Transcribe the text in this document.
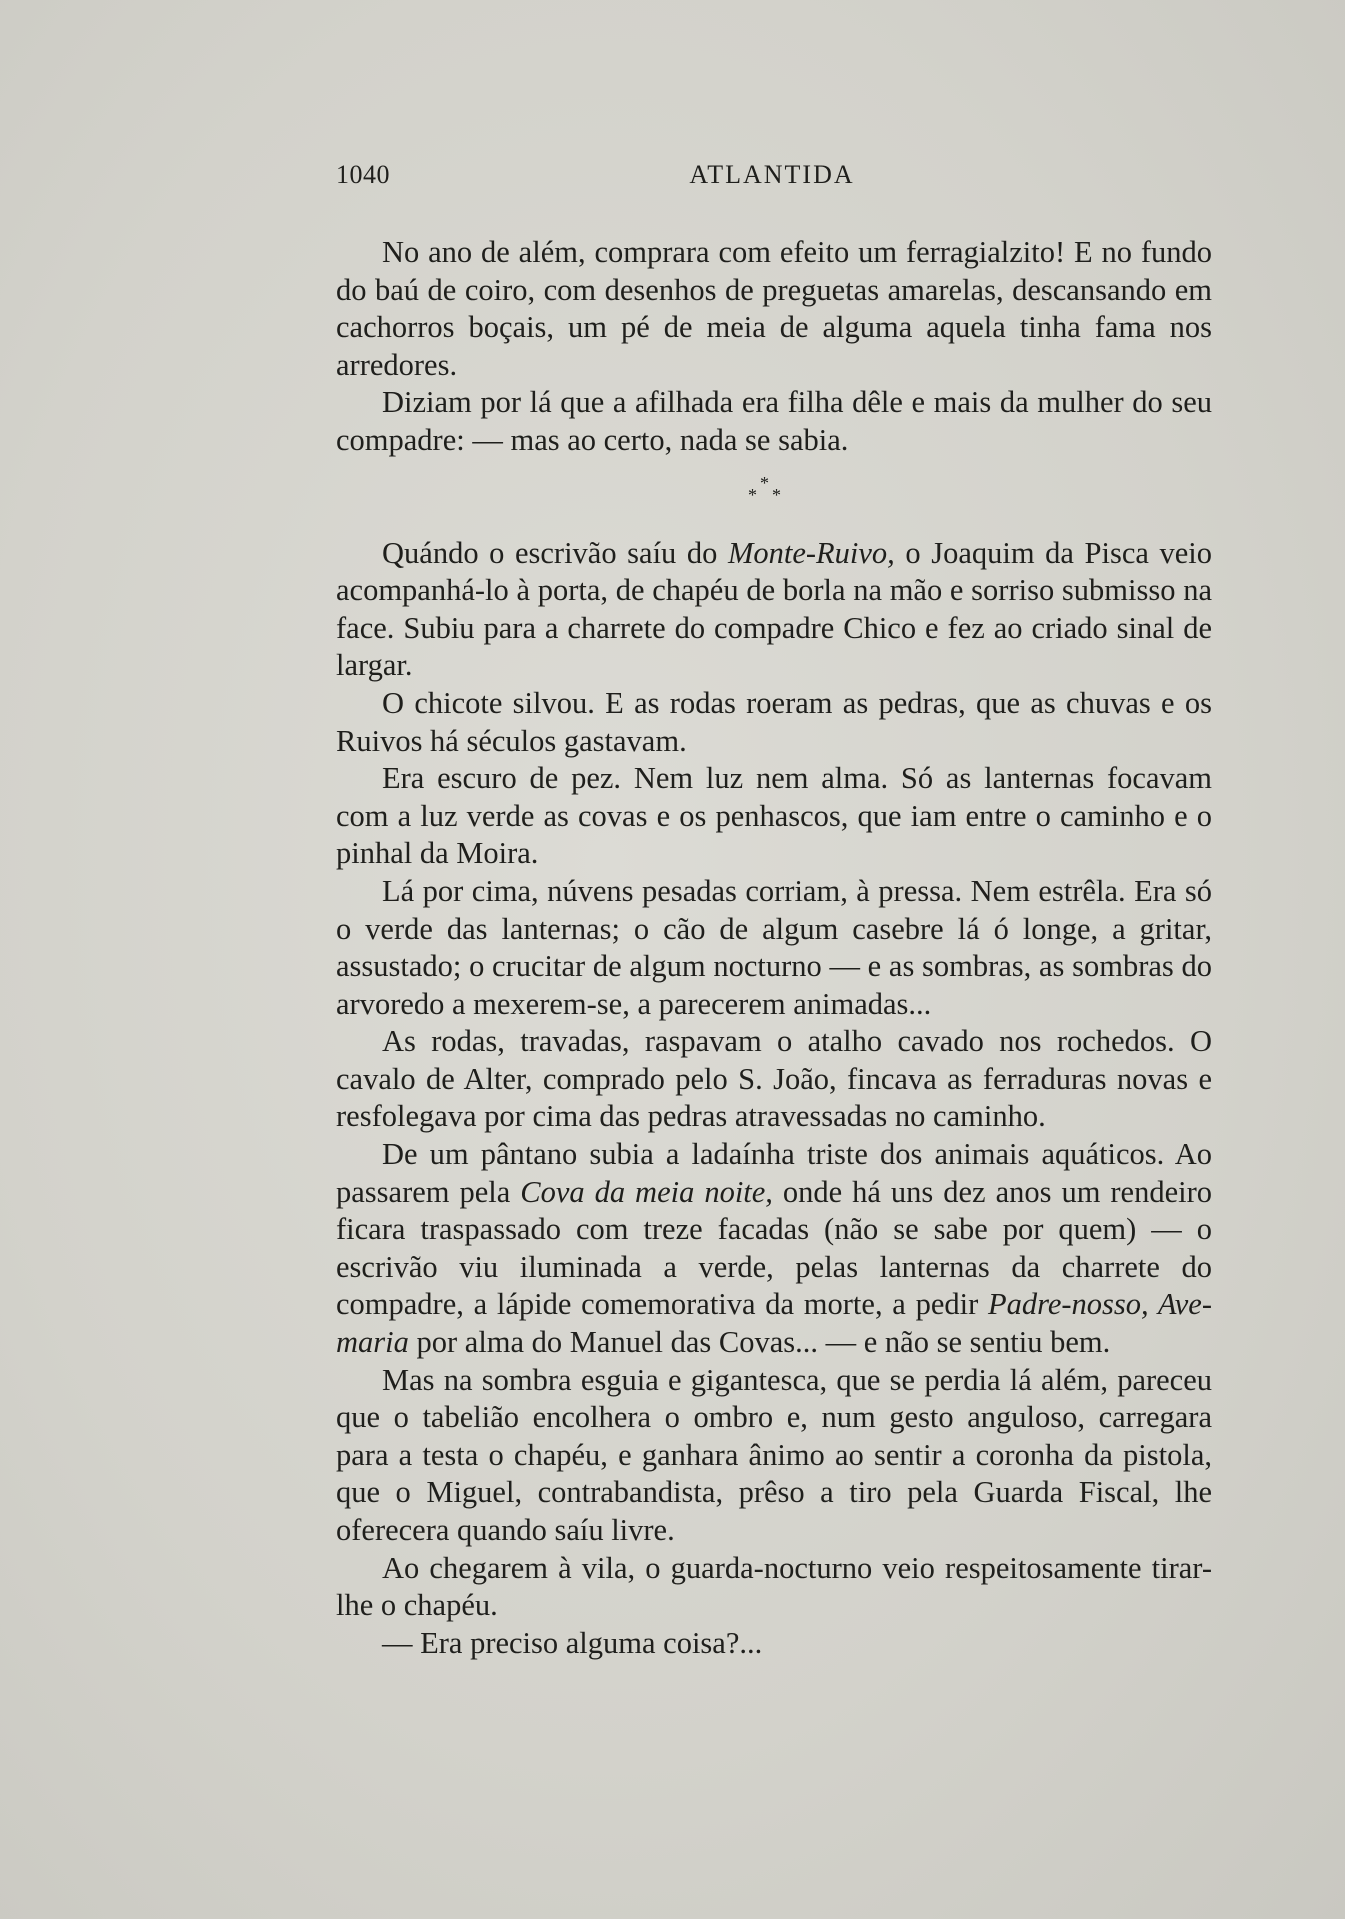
1040	ATLANTIDA

No ano de além, comprara com efeito um ferragialzito! E no fundo do baú de coiro, com desenhos de preguetas amarelas, descansando em cachorros boçais, um pé de meia de alguma aquela tinha fama nos arredores.

Diziam por lá que a afilhada era filha dêle e mais da mulher do seu compadre: — mas ao certo, nada se sabia.

*
* *

Quándo o escrivão saíu do Monte-Ruivo, o Joaquim da Pisca veio acompanhá-lo à porta, de chapéu de borla na mão e sorriso submisso na face. Subiu para a charrete do compadre Chico e fez ao criado sinal de largar.

O chicote silvou. E as rodas roeram as pedras, que as chuvas e os Ruivos há séculos gastavam.

Era escuro de pez. Nem luz nem alma. Só as lanternas focavam com a luz verde as covas e os penhascos, que iam entre o caminho e o pinhal da Moira.

Lá por cima, núvens pesadas corriam, à pressa. Nem estrêla. Era só o verde das lanternas; o cão de algum casebre lá ó longe, a gritar, assustado; o crucitar de algum nocturno — e as sombras, as sombras do arvoredo a mexerem-se, a parecerem animadas...

As rodas, travadas, raspavam o atalho cavado nos rochedos. O cavalo de Alter, comprado pelo S. João, fincava as ferraduras novas e resfolegava por cima das pedras atravessadas no caminho.

De um pântano subia a ladaínha triste dos animais aquáticos. Ao passarem pela Cova da meia noite, onde há uns dez anos um rendeiro ficara traspassado com treze facadas (não se sabe por quem) — o escrivão viu iluminada a verde, pelas lanternas da charrete do compadre, a lápide comemorativa da morte, a pedir Padre-nosso, Ave-maria por alma do Manuel das Covas... — e não se sentiu bem.

Mas na sombra esguia e gigantesca, que se perdia lá além, pareceu que o tabelião encolhera o ombro e, num gesto anguloso, carregara para a testa o chapéu, e ganhara ânimo ao sentir a coronha da pistola, que o Miguel, contrabandista, prêso a tiro pela Guarda Fiscal, lhe oferecera quando saíu livre.

Ao chegarem à vila, o guarda-nocturno veio respeitosamente tirar-lhe o chapéu.

— Era preciso alguma coisa?...
